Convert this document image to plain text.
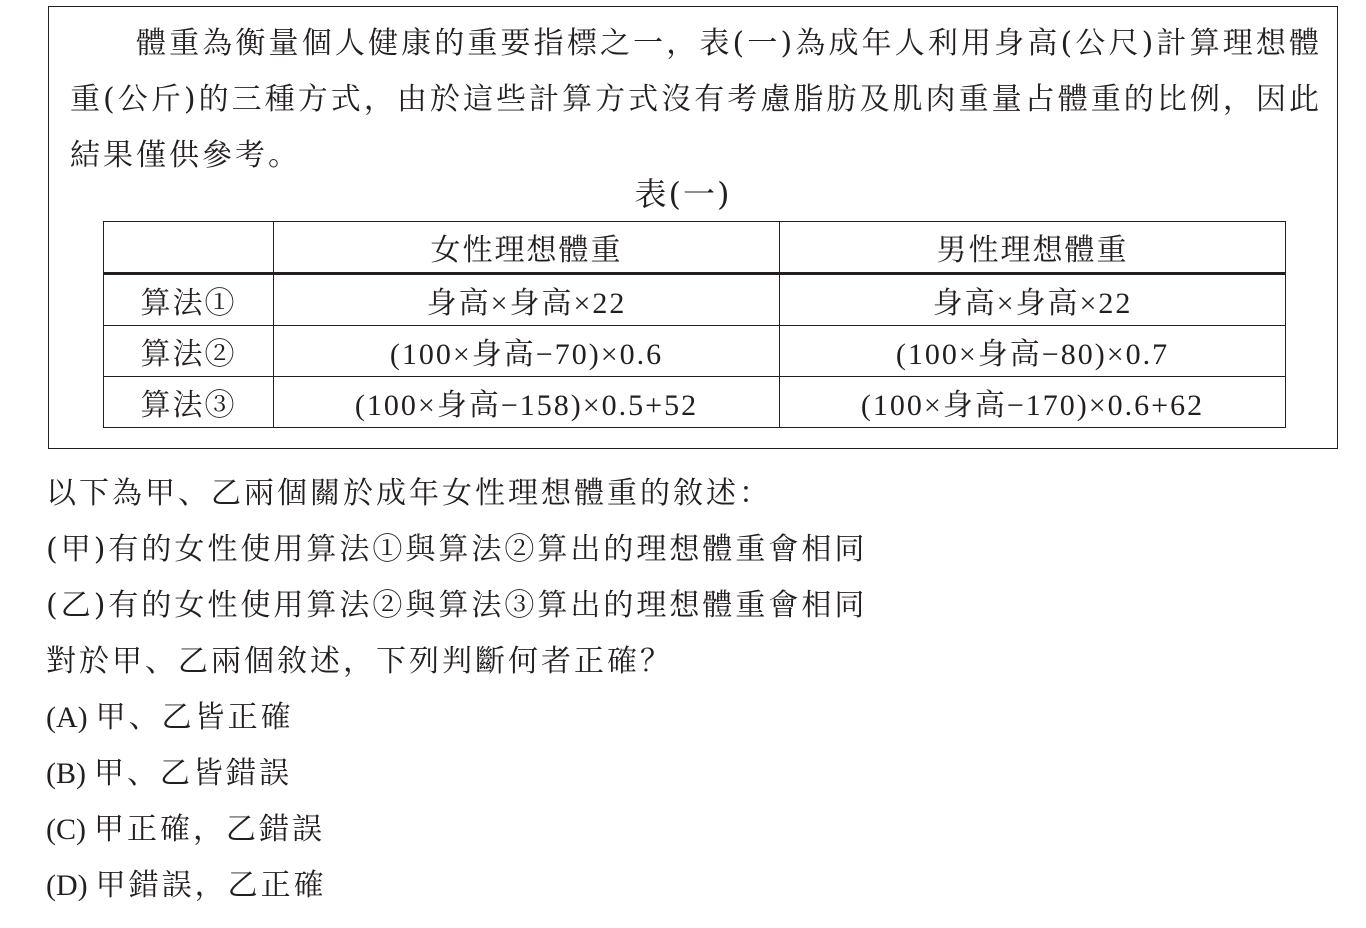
體重為衡量個人健康的重要指標之一，表(一)為成年人利用身高(公尺)計算理想體重(公斤)的三種方式，由於這些計算方式沒有考慮脂肪及肌肉重量占體重的比例，因此結果僅供參考。

表(一)
	女性理想體重	男性理想體重
算法①	身高×身高×22	身高×身高×22
算法②	(100×身高−70)×0.6	(100×身高−80)×0.7
算法③	(100×身高−158)×0.5+52	(100×身高−170)×0.6+62
以下為甲、乙兩個關於成年女性理想體重的敘述：
(甲)有的女性使用算法①與算法②算出的理想體重會相同
(乙)有的女性使用算法②與算法③算出的理想體重會相同
對於甲、乙兩個敘述，下列判斷何者正確？
(A) 甲、乙皆正確
(B) 甲、乙皆錯誤
(C) 甲正確，乙錯誤
(D) 甲錯誤，乙正確
